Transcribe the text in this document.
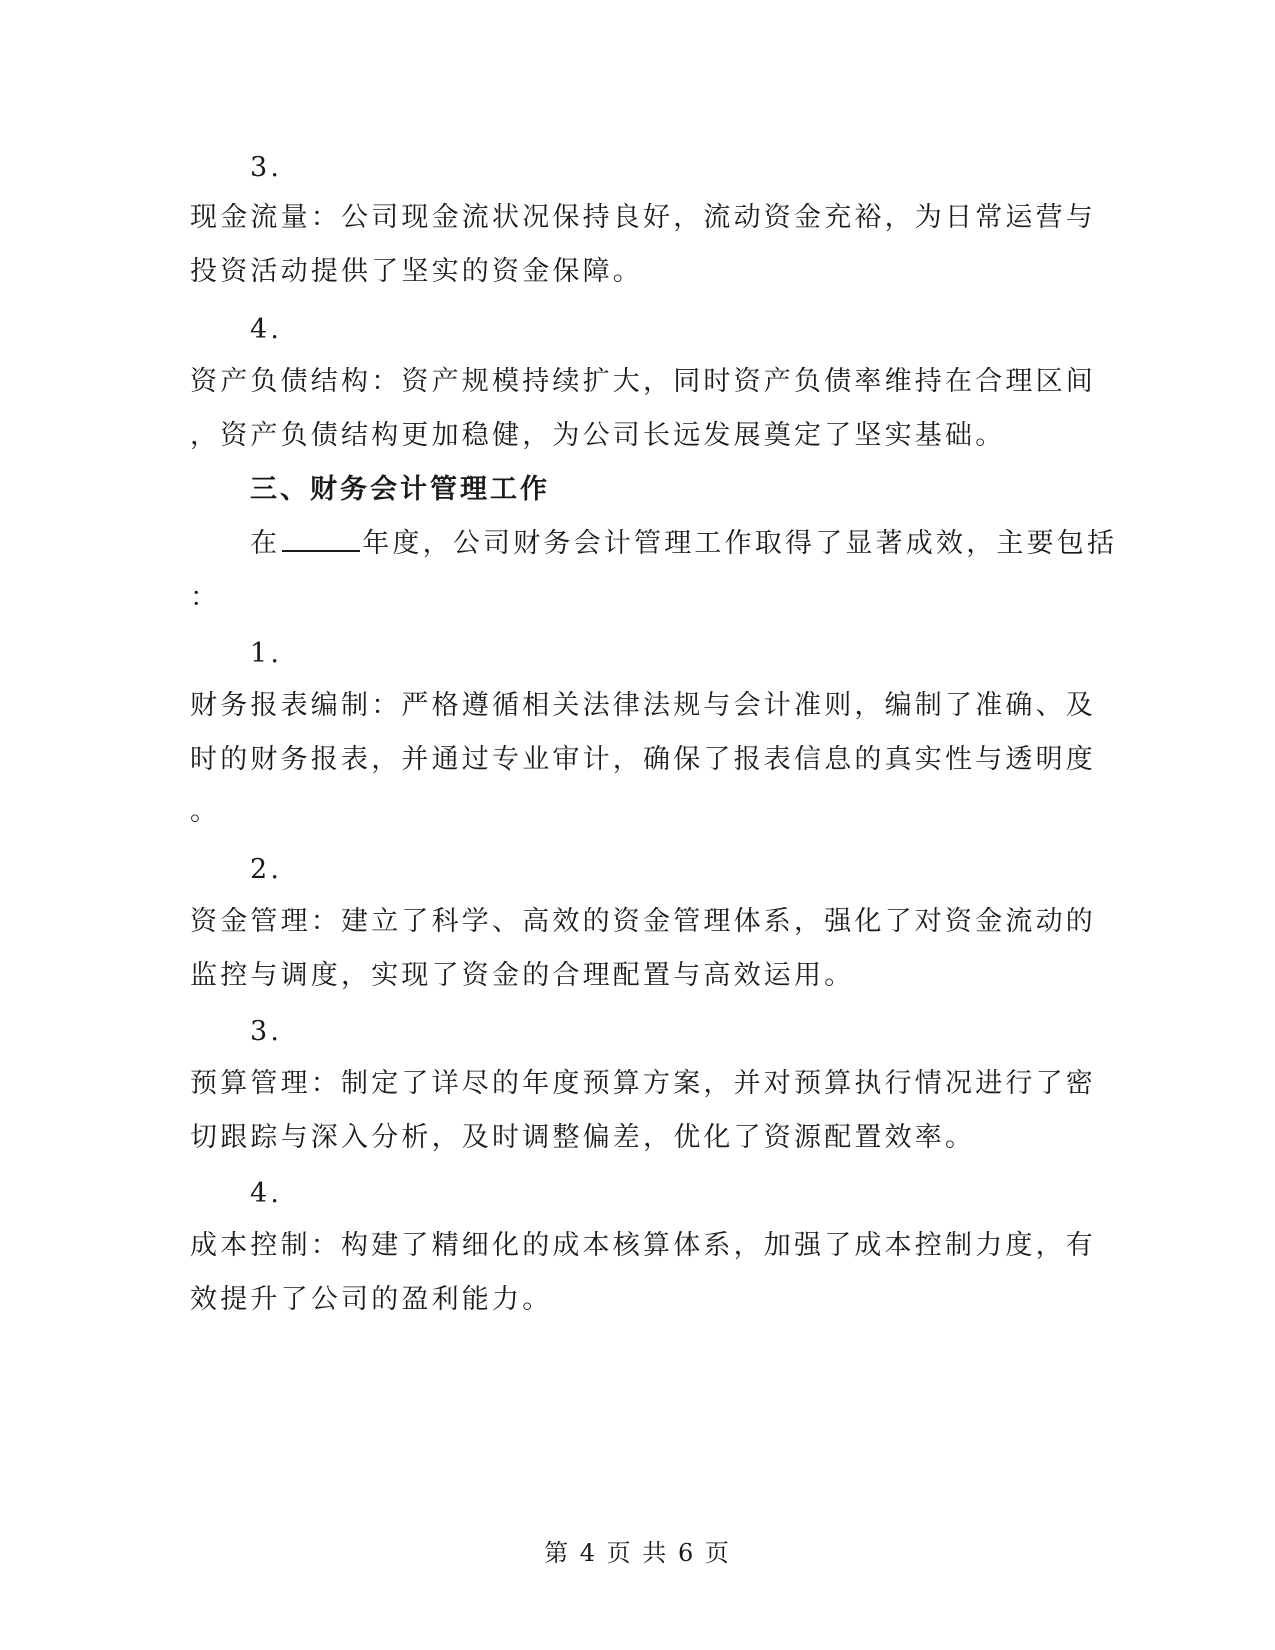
3.
现金流量：公司现金流状况保持良好，流动资金充裕，为日常运营与
投资活动提供了坚实的资金保障。
4.
资产负债结构：资产规模持续扩大，同时资产负债率维持在合理区间
，资产负债结构更加稳健，为公司长远发展奠定了坚实基础。
三、财务会计管理工作
在	年度，公司财务会计管理工作取得了显著成效，主要包括
：
1.
财务报表编制：严格遵循相关法律法规与会计准则，编制了准确、及
时的财务报表，并通过专业审计，确保了报表信息的真实性与透明度
。
2.
资金管理：建立了科学、高效的资金管理体系，强化了对资金流动的
监控与调度，实现了资金的合理配置与高效运用。
3.
预算管理：制定了详尽的年度预算方案，并对预算执行情况进行了密
切跟踪与深入分析，及时调整偏差，优化了资源配置效率。
4.
成本控制：构建了精细化的成本核算体系，加强了成本控制力度，有
效提升了公司的盈利能力。
第 4 页 共 6 页
